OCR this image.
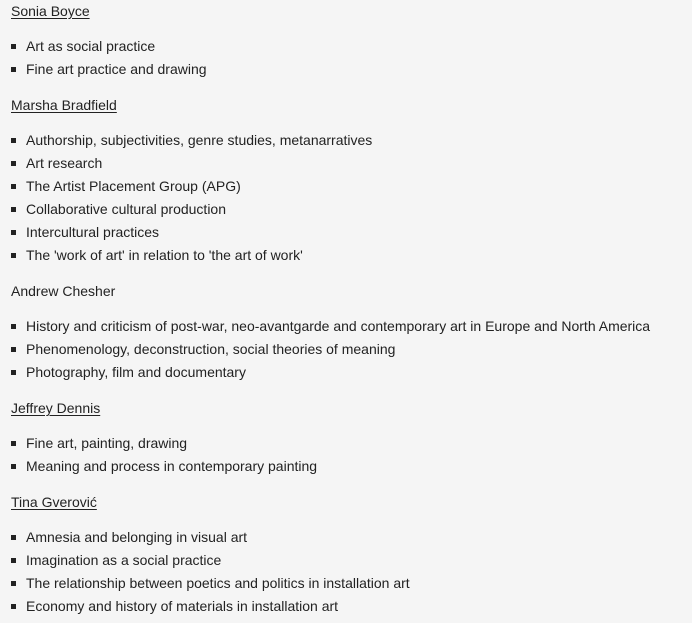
Sonia Boyce
Art as social practice
Fine art practice and drawing
Marsha Bradfield
Authorship, subjectivities, genre studies, metanarratives
Art research
The Artist Placement Group (APG)
Collaborative cultural production
Intercultural practices
The 'work of art' in relation to 'the art of work'
Andrew Chesher
History and criticism of post-war, neo-avantgarde and contemporary art in Europe and North America
Phenomenology, deconstruction, social theories of meaning
Photography, film and documentary
Jeffrey Dennis
Fine art, painting, drawing
Meaning and process in contemporary painting
Tina Gverović
Amnesia and belonging in visual art
Imagination as a social practice
The relationship between poetics and politics in installation art
Economy and history of materials in installation art
